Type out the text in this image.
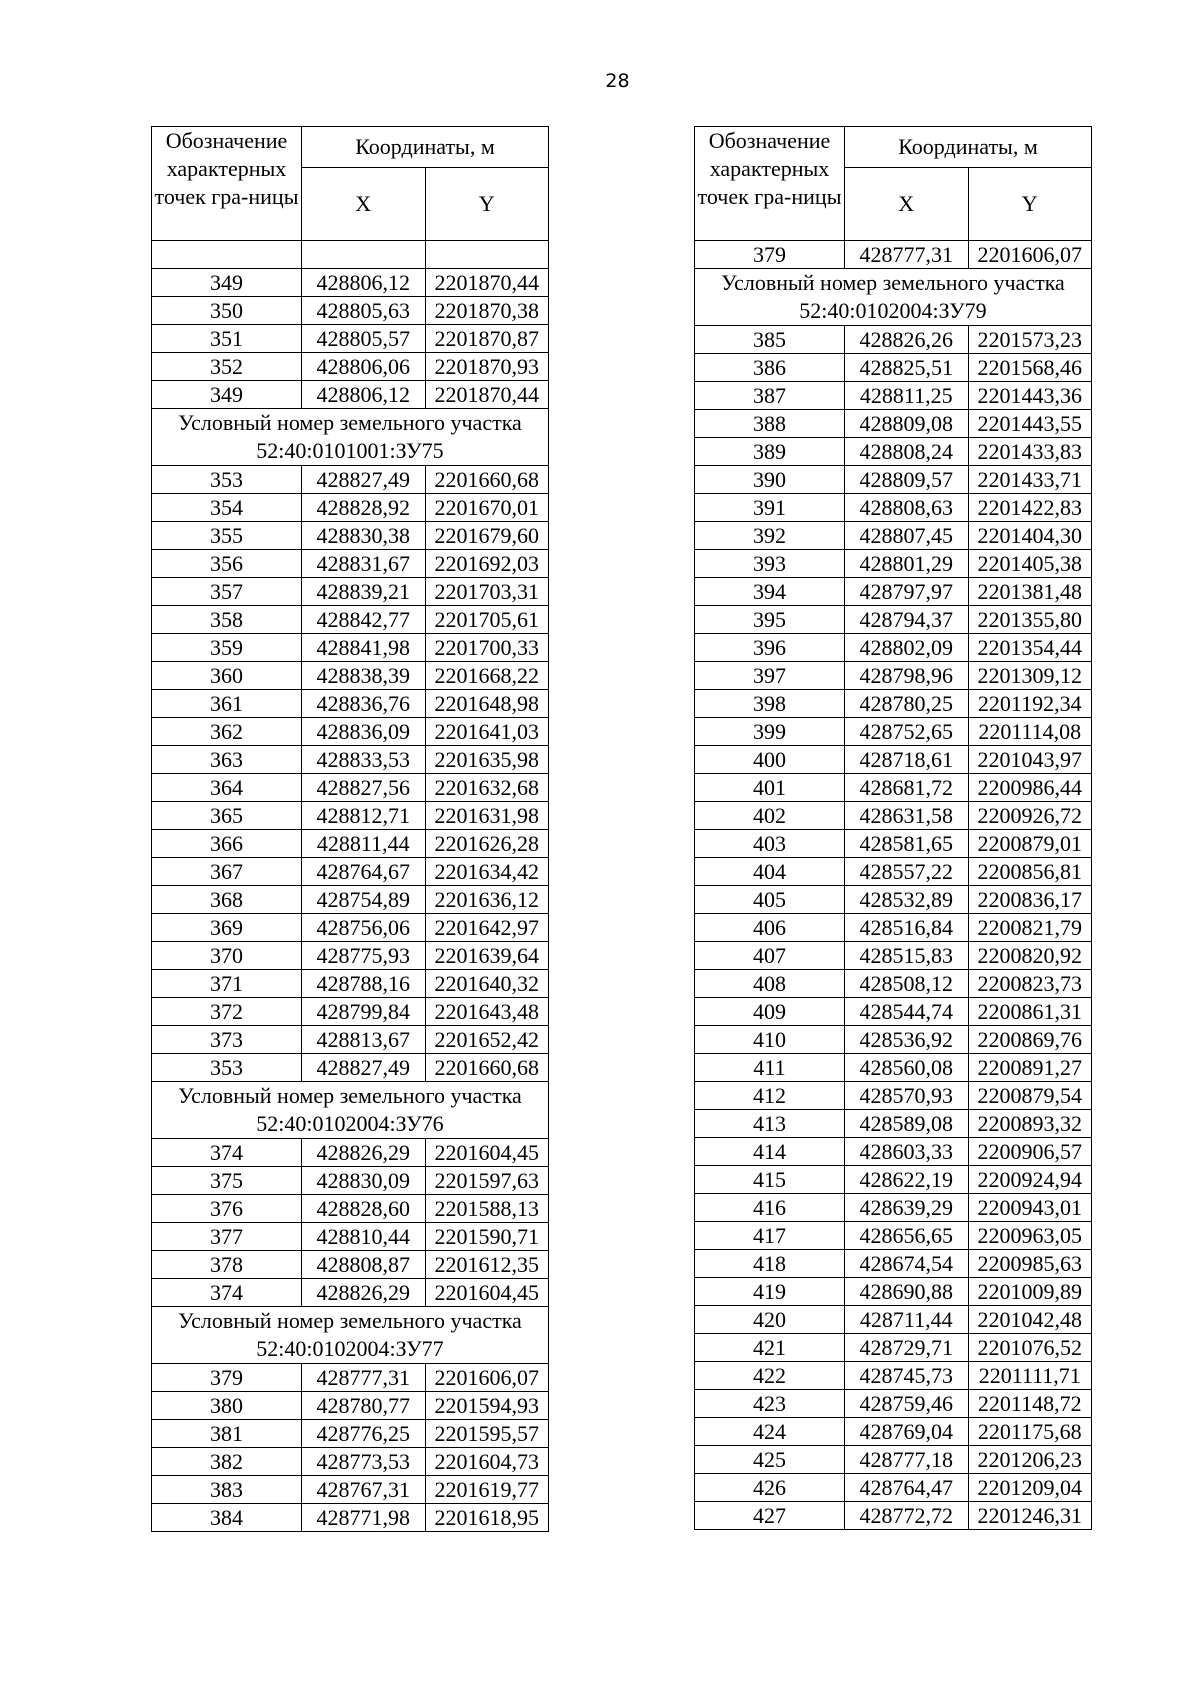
28
Обозначение характерных точек гра-ницы	Координаты, м	
	X	Y

349	428806,12	2201870,44
350	428805,63	2201870,38
351	428805,57	2201870,87
352	428806,06	2201870,93
349	428806,12	2201870,44
Условный номер земельного участка 52:40:0101001:ЗУ75		
353	428827,49	2201660,68
354	428828,92	2201670,01
355	428830,38	2201679,60
356	428831,67	2201692,03
357	428839,21	2201703,31
358	428842,77	2201705,61
359	428841,98	2201700,33
360	428838,39	2201668,22
361	428836,76	2201648,98
362	428836,09	2201641,03
363	428833,53	2201635,98
364	428827,56	2201632,68
365	428812,71	2201631,98
366	428811,44	2201626,28
367	428764,67	2201634,42
368	428754,89	2201636,12
369	428756,06	2201642,97
370	428775,93	2201639,64
371	428788,16	2201640,32
372	428799,84	2201643,48
373	428813,67	2201652,42
353	428827,49	2201660,68
Условный номер земельного участка 52:40:0102004:ЗУ76		
374	428826,29	2201604,45
375	428830,09	2201597,63
376	428828,60	2201588,13
377	428810,44	2201590,71
378	428808,87	2201612,35
374	428826,29	2201604,45
Условный номер земельного участка 52:40:0102004:ЗУ77		
379	428777,31	2201606,07
380	428780,77	2201594,93
381	428776,25	2201595,57
382	428773,53	2201604,73
383	428767,31	2201619,77
384	428771,98	2201618,95
Обозначение характерных точек гра-ницы	Координаты, м	
	X	Y
379	428777,31	2201606,07
Условный номер земельного участка 52:40:0102004:ЗУ79		
385	428826,26	2201573,23
386	428825,51	2201568,46
387	428811,25	2201443,36
388	428809,08	2201443,55
389	428808,24	2201433,83
390	428809,57	2201433,71
391	428808,63	2201422,83
392	428807,45	2201404,30
393	428801,29	2201405,38
394	428797,97	2201381,48
395	428794,37	2201355,80
396	428802,09	2201354,44
397	428798,96	2201309,12
398	428780,25	2201192,34
399	428752,65	2201114,08
400	428718,61	2201043,97
401	428681,72	2200986,44
402	428631,58	2200926,72
403	428581,65	2200879,01
404	428557,22	2200856,81
405	428532,89	2200836,17
406	428516,84	2200821,79
407	428515,83	2200820,92
408	428508,12	2200823,73
409	428544,74	2200861,31
410	428536,92	2200869,76
411	428560,08	2200891,27
412	428570,93	2200879,54
413	428589,08	2200893,32
414	428603,33	2200906,57
415	428622,19	2200924,94
416	428639,29	2200943,01
417	428656,65	2200963,05
418	428674,54	2200985,63
419	428690,88	2201009,89
420	428711,44	2201042,48
421	428729,71	2201076,52
422	428745,73	2201111,71
423	428759,46	2201148,72
424	428769,04	2201175,68
425	428777,18	2201206,23
426	428764,47	2201209,04
427	428772,72	2201246,31
